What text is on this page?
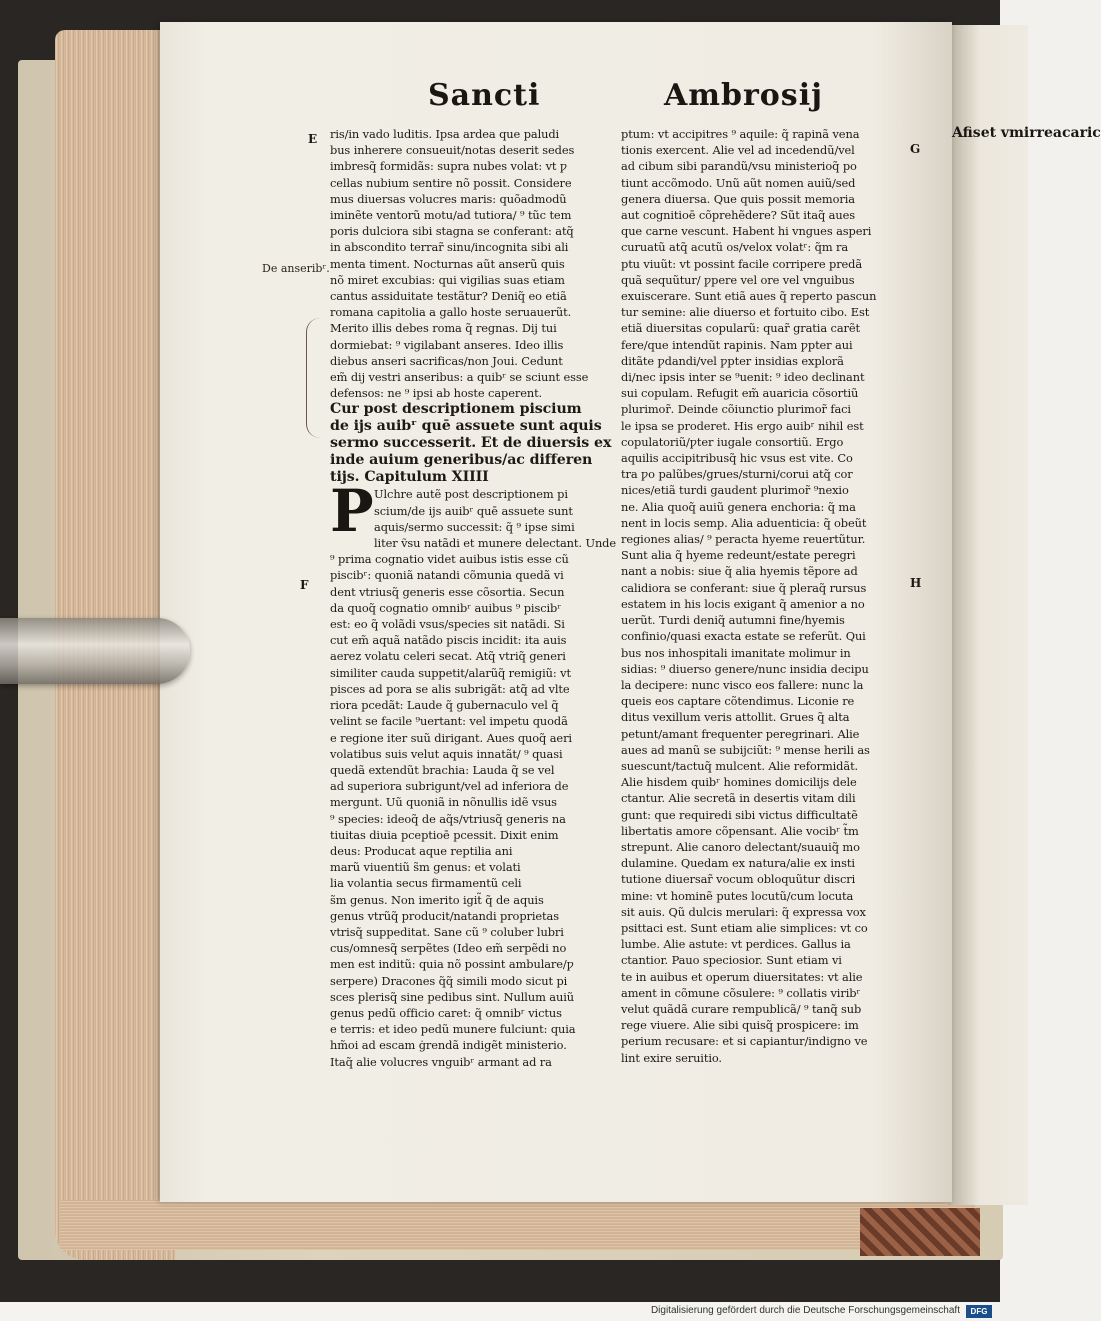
Sancti	Ambrosij
E
De anseribʳ.
F
G
H
ris/in vado luditis. Ipsa ardea que paludi
bus inherere consueuit/notas deserit sedes
imbresq̃ formidãs: supra nubes volat: vt ƿ
cellas nubium sentire nõ possit. Considere
mus diuersas volucres maris: quõadmodũ
iminẽte ventorũ motu/ad tutiora/ ⁹ tũc tem
poris dulciora sibi stagna se conferant: atq̃
in abscondito terrar̃ sinu/incognita sibi ali
menta timent. Nocturnas aũt anserũ quis
nõ miret excubias: qui vigilias suas etiam
cantus assiduitate testãtur? Deniq̃ eo etiã
romana capitolia a gallo hoste seruauerũt.
Merito illis debes roma q̃ regnas. Dij tui
dormiebat: ⁹ vigilabant anseres. Ideo illis
diebus anseri sacrificas/non Joui. Cedunt
em̃ dij vestri anseribus: a quibʳ se sciunt esse
defensos: ne ⁹ ipsi ab hoste caperent.
Cur post descriptionem piscium
de ijs auibʳ quē assuete sunt aquis
sermo successerit. Et de diuersis ex
inde auium generibus/ac differen
tijs. Capitulum XIIII
P Ulchre autẽ post descriptionem pi
scium/de ijs auibʳ quē assuete sunt
aquis/sermo successit: q̃ ⁹ ipse simi
liter ṽsu natãdi et munere delectant. Unde
⁹ prima cognatio videt auibus istis esse cũ
piscibʳ: quoniã natandi cõmunia quedã vi
dent vtriusq̃ generis esse cõsortia. Secun
da quoq̃ cognatio omnibʳ auibus ⁹ piscibʳ
est: eo q̃ volãdi vsus/species sit natãdi. Si
cut em̃ aquã natãdo piscis incidit: ita auis
aerez volatu celeri secat. Atq̃ vtriq̃ generi
similiter cauda suppetit/alarũq̃ remigiũ: vt
pisces ad pora se alis subrigãt: atq̃ ad vlte
riora pcedãt: Laude q̃ gubernaculo vel q̃
velint se facile ⁹uertant: vel impetu quodã
e regione iter suũ dirigant. Aues quoq̃ aeri
volatibus suis velut aquis innatãt/ ⁹ quasi
quedã extendũt brachia: Lauda q̃ se vel
ad superiora subrigunt/vel ad inferiora de
mergunt. Uũ quoniã in nõnullis idẽ vsus
⁹ species: ideoq̃ de aq̃s/vtriusq̃ generis na
tiuitas diuia pceptioē pcessit. Dixit enim
deus: Producat aque reptilia ani
marũ viuentiũ s̃m genus: et volati
lia volantia secus firmamentũ celi
s̃m genus. Non imerito igit̃ q̃ de aquis
genus vtrũq̃ producit/natandi proprietas
vtrisq̃ suppeditat. Sane cũ ⁹ coluber lubri
cus/omnesq̃ serpẽtes (Ideo em̃ serpẽdi no
men est inditũ: quia nõ possint ambulare/ƿ
serpere) Dracones q̃q̃ simili modo sicut pi
sces plerisq̃ sine pedibus sint. Nullum auiũ
genus pedũ officio caret: q̃ omnibʳ victus
e terris: et ideo pedũ munere fulciunt: quia
hm̃oi ad escam ġrendã indigẽt ministerio.
Itaq̃ alie volucres vnguibʳ armant ad ra
ptum: vt accipitres ⁹ aquile: q̃ rapinã vena
tionis exercent. Alie vel ad incedendũ/vel
ad cibum sibi parandũ/vsu ministerioq̃ po
tiunt accõmodo. Unũ aũt nomen auiũ/sed
genera diuersa. Que quis possit memoria
aut cognitioē cõprehẽdere? Sũt itaq̃ aues
que carne vescunt. Habent hi vngues asperi
curuatũ atq̃ acutũ os/velox volatʳ: q̃m ra
ptu viuũt: vt possint facile corripere predã
quã sequũtur/ ƿpere vel ore vel vnguibus
exuiscerare. Sunt etiã aues q̃ reperto pascun
tur semine: alie diuerso et fortuito cibo. Est
etiã diuersitas copularũ: quar̃ gratia carẽt
fere/que intendũt rapinis. Nam ƿpter aui
ditãte ƿdandi/vel ƿpter insidias explorã
di/nec ipsis inter se ⁹uenit: ⁹ ideo declinant
sui copulam. Refugit em̃ auaricia cõsortiũ
plurimor̃. Deinde cõiunctio plurimor̃ faci
le ipsa se proderet. His ergo auibʳ nihil est
copulatoriũ/ƿter iugale consortiũ. Ergo
aquilis accipitribusq̃ hic vsus est vite. Co
tra ƿo palũbes/grues/sturni/corui atq̃ cor
nices/etiã turdi gaudent plurimor̃ ⁹nexio
ne. Alia quoq̃ auiũ genera enchoria: q̃ ma
nent in locis semp. Alia aduenticia: q̃ obeũt
regiones alias/ ⁹ peracta hyeme reuertũtur.
Sunt alia q̃ hyeme redeunt/estate peregri
nant a nobis: siue q̃ alia hyemis tẽpore ad
calidiora se conferant: siue q̃ pleraq̃ rursus
estatem in his locis exigant q̃ amenior a no
uerũt. Turdi deniq̃ autumni fine/hyemis
confinio/quasi exacta estate se referũt. Qui
bus nos inhospitali imanitate molimur in
sidias: ⁹ diuerso genere/nunc insidia decipu
la decipere: nunc visco eos fallere: nunc la
queis eos captare cõtendimus. Liconie re
ditus vexillum veris attollit. Grues q̃ alta
petunt/amant frequenter peregrinari. Alie
aues ad manũ se subijciũt: ⁹ mense herili as
suescunt/tactuq̃ mulcent. Alie reformidãt.
Alie hisdem quibʳ homines domicilijs dele
ctantur. Alie secretã in desertis vitam dili
gunt: que requiredi sibi victus difficultatẽ
libertatis amore cõpensant. Alie vocibʳ t̃m
strepunt. Alie canoro delectant/suauiq̃ mo
dulamine. Quedam ex natura/alie ex insti
tutione diuersar̃ vocum obloquũtur discri
mine: vt hominẽ putes locutũ/cum locuta
sit auis. Qũ dulcis merulari: q̃ expressa vox
psittaci est. Sunt etiam alie simplices: vt co
lumbe. Alie astute: vt perdices. Gallus ia
ctantior. Pauo speciosior. Sunt etiam vi
te in auibus et operum diuersitates: vt alie
ament in cõmune cõsulere: ⁹ collatis viribʳ
velut quãdã curare rempublicã/ ⁹ tanq̃ sub
rege viuere. Alie sibi quisq̃ prospicere: im
perium recusare: et si capiantur/indigno ve
lint exire seruitio.
Afiset vmirreacaric
Digitalisierung gefördert durch die Deutsche Forschungsgemeinschaft	DFG
